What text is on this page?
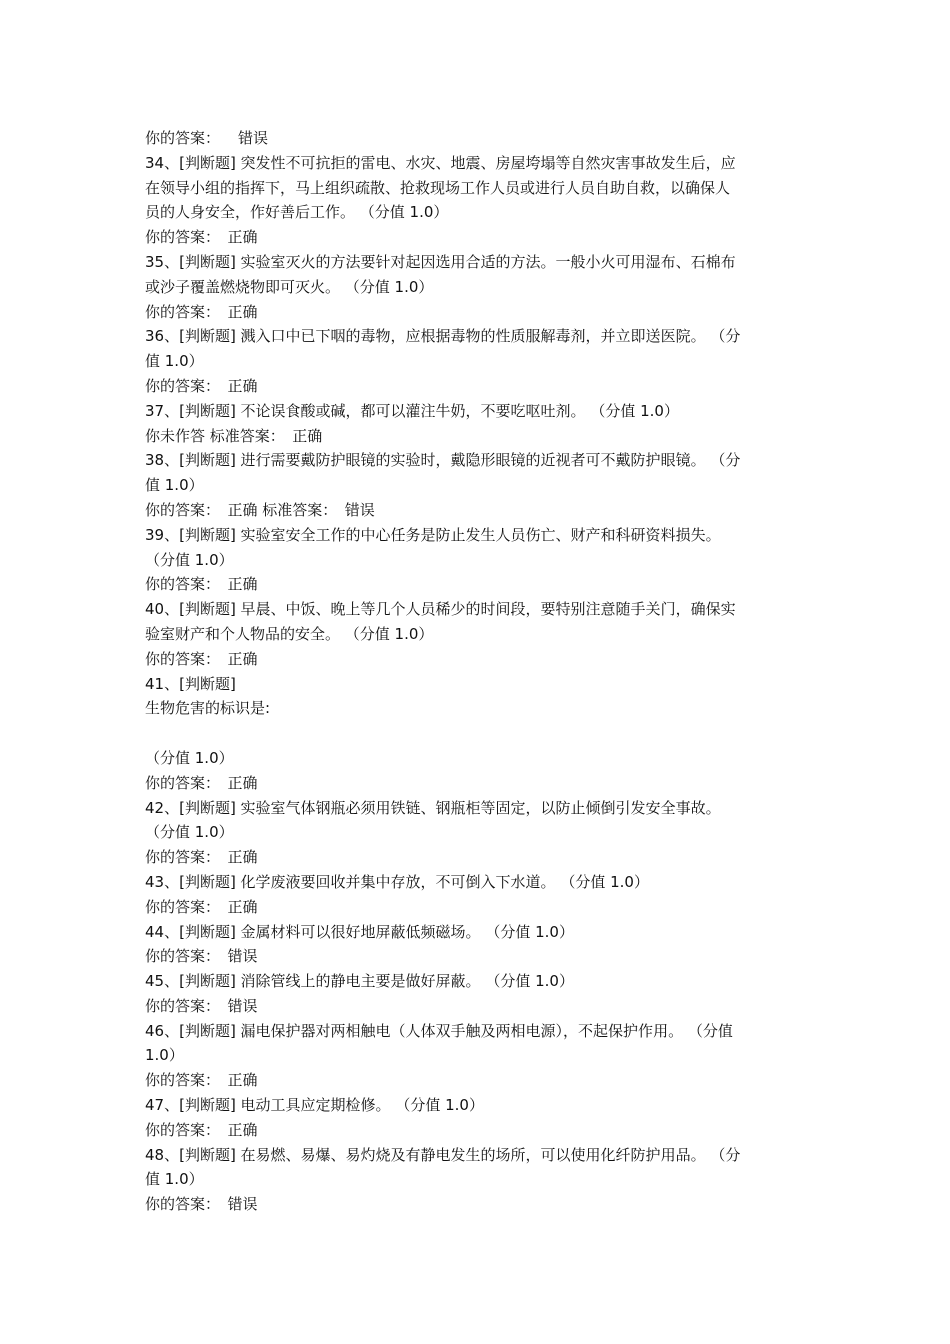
你的答案： 错误
34、[判断题] 突发性不可抗拒的雷电、水灾、地震、房屋垮塌等自然灾害事故发生后，应
在领导小组的指挥下，马上组织疏散、抢救现场工作人员或进行人员自助自救，以确保人
员的人身安全，作好善后工作。 （分值 1.0）
你的答案：　正确
35、[判断题] 实验室灭火的方法要针对起因选用合适的方法。一般小火可用湿布、石棉布
或沙子覆盖燃烧物即可灭火。 （分值 1.0）
你的答案：　正确
36、[判断题] 溅入口中已下咽的毒物，应根据毒物的性质服解毒剂，并立即送医院。 （分
值 1.0）
你的答案：　正确
37、[判断题] 不论误食酸或碱，都可以灌注牛奶，不要吃呕吐剂。 （分值 1.0）
你未作答 标准答案：　正确
38、[判断题] 进行需要戴防护眼镜的实验时，戴隐形眼镜的近视者可不戴防护眼镜。 （分
值 1.0）
你的答案：　正确 标准答案：　错误
39、[判断题] 实验室安全工作的中心任务是防止发生人员伤亡、财产和科研资料损失。
（分值 1.0）
你的答案：　正确
40、[判断题] 早晨、中饭、晚上等几个人员稀少的时间段，要特别注意随手关门，确保实
验室财产和个人物品的安全。 （分值 1.0）
你的答案：　正确
41、[判断题]
生物危害的标识是:
（分值 1.0）
你的答案：　正确
42、[判断题] 实验室气体钢瓶必须用铁链、钢瓶柜等固定，以防止倾倒引发安全事故。
（分值 1.0）
你的答案：　正确
43、[判断题] 化学废液要回收并集中存放，不可倒入下水道。 （分值 1.0）
你的答案：　正确
44、[判断题] 金属材料可以很好地屏蔽低频磁场。 （分值 1.0）
你的答案：　错误
45、[判断题] 消除管线上的静电主要是做好屏蔽。 （分值 1.0）
你的答案：　错误
46、[判断题] 漏电保护器对两相触电（人体双手触及两相电源），不起保护作用。 （分值
1.0）
你的答案：　正确
47、[判断题] 电动工具应定期检修。 （分值 1.0）
你的答案：　正确
48、[判断题] 在易燃、易爆、易灼烧及有静电发生的场所，可以使用化纤防护用品。 （分
值 1.0）
你的答案：　错误
